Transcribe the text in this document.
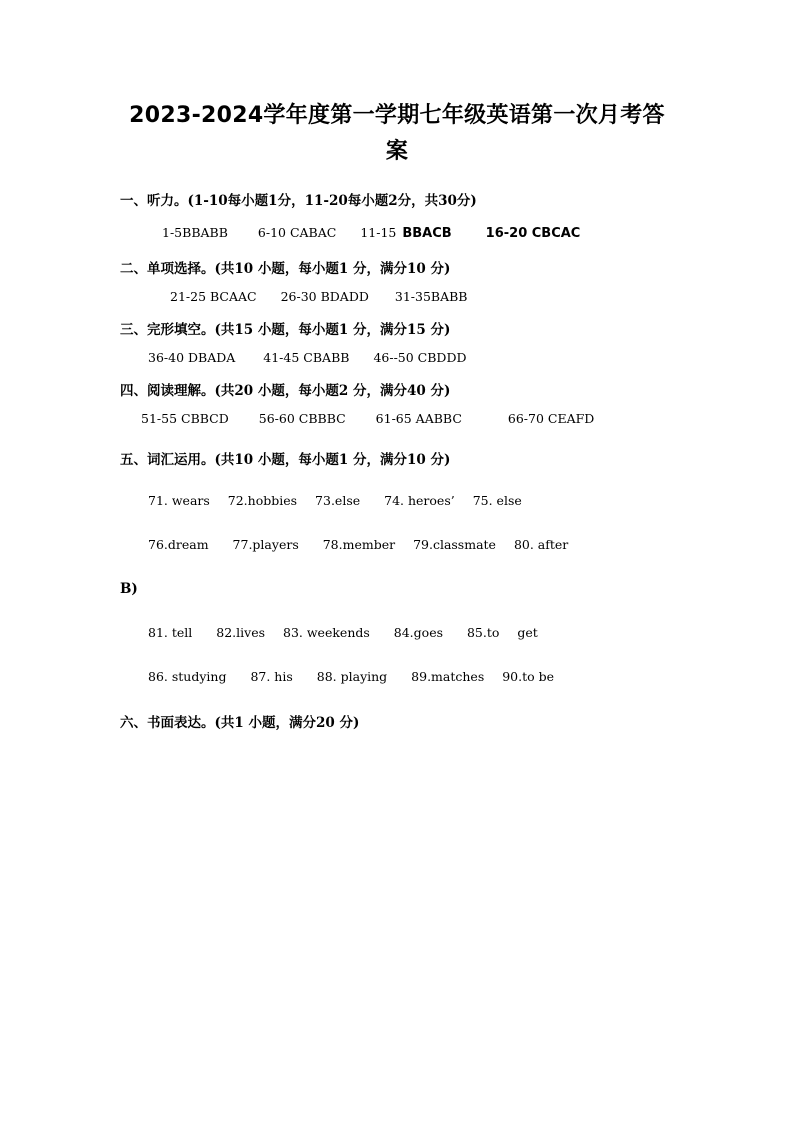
2023-2024学年度第一学期七年级英语第一次月考答
案
一、听力。(1-10每小题1分，11-20每小题2分，共30分)
1-5BBABB 6-10 CABAC 11-15 BBACB	16-20 CBCAC
二、单项选择。(共10 小题，每小题1 分，满分10 分)
21-25 BCAAC 26-30 BDADD 31-35BABB
三、完形填空。(共15 小题，每小题1 分，满分15 分)
36-40 DBADA 41-45 CBABB 46--50 CBDDD
四、阅读理解。(共20 小题，每小题2 分，满分40 分)
51-55 CBBCD 56-60 CBBBC 61-65 AABBC	66-70 CEAFD
五、词汇运用。(共10 小题，每小题1 分，满分10 分)
71. wears 72.hobbies 73.else 74. heroes’ 75. else
76.dream 77.players 78.member 79.classmate 80. after
B)
81. tell 82.lives 83. weekends 84.goes 85.to get
86. studying 87. his 88. playing 89.matches 90.to be
六、书面表达。(共1 小题，满分20 分)
